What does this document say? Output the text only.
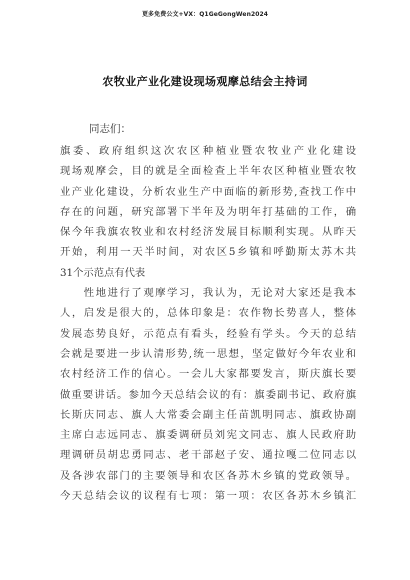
更多免费公文+VX：Q1GeGongWen2024
农牧业产业化建设现场观摩总结会主持词
同志们：
旗委、政府组织这次农区种植业暨农牧业产业化建设
现场观摩会，目的就是全面检查上半年农区种植业暨农牧
业产业化建设，分析农业生产中面临的新形势,查找工作中
存在的问题，研究部署下半年及为明年打基础的工作，确
保今年我旗农牧业和农村经济发展目标顺利实现。从昨天
开始，利用一天半时间，对农区5乡镇和呼勤斯太苏木共
31个示范点有代表
　　性地进行了观摩学习，我认为，无论对大家还是我本
人，启发是很大的，总体印象是：农作物长势喜人，整体
发展态势良好，示范点有看头，经验有学头。今天的总结
会就是要进一步认清形势,统一思想，坚定做好今年农业和
农村经济工作的信心。一会儿大家都要发言，斯庆旗长要
做重要讲话。参加今天总结会议的有：旗委副书记、政府旗
长斯庆同志、旗人大常委会副主任苗凯明同志、旗政协副
主席白志远同志、旗委调研员刘宪文同志、旗人民政府助
理调研员胡忠勇同志、老干部赵子安、通拉嘎二位同志以
及各涉农部门的主要领导和农区各苏木乡镇的党政领导。
今天总结会议的议程有七项：第一项：农区各苏木乡镇汇
